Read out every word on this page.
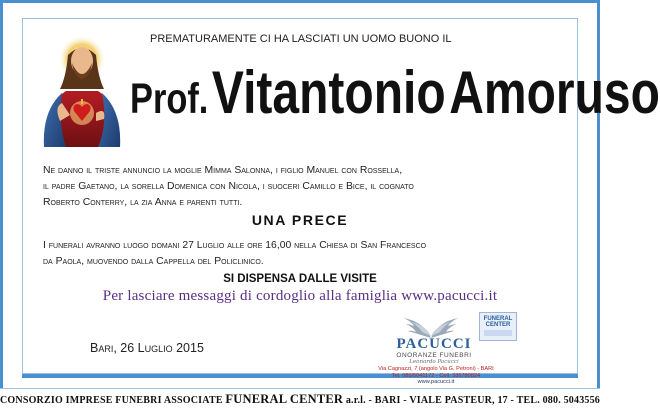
PREMATURAMENTE CI HA LASCIATI UN UOMO BUONO IL
Prof. Vitantonio Amoruso
Ne danno il triste annuncio la moglie Mimma Salonna, i figlio Manuel con Rossella,
il padre Gaetano, la sorella Domenica con Nicola, i suoceri Camillo e Bice, il cognato
Roberto Conterry, la zia Anna e parenti tutti.
UNA PRECE
I funerali avranno luogo domani 27 Luglio alle ore 16,00 nella Chiesa di San Francesco
da Paola, muovendo dalla Cappella del Policlinico.
SI DISPENSA DALLE VISITE
Per lasciare messaggi di cordoglio alla famiglia www.pacucci.it
Bari, 26 Luglio 2015	PACUCCI
ONORANZE FUNEBRI
Leonardo Pacucci
Via Cagnazzi, 7 (angolo Via G. Petroni) - BARI
Tel. 080/5041172 - Cell. 336780824
www.pacucci.it
FUNERAL
CENTER
CONSORZIO IMPRESE FUNEBRI ASSOCIATE FUNERAL CENTER a.r.l. - BARI - VIALE PASTEUR, 17 - TEL. 080. 5043556
